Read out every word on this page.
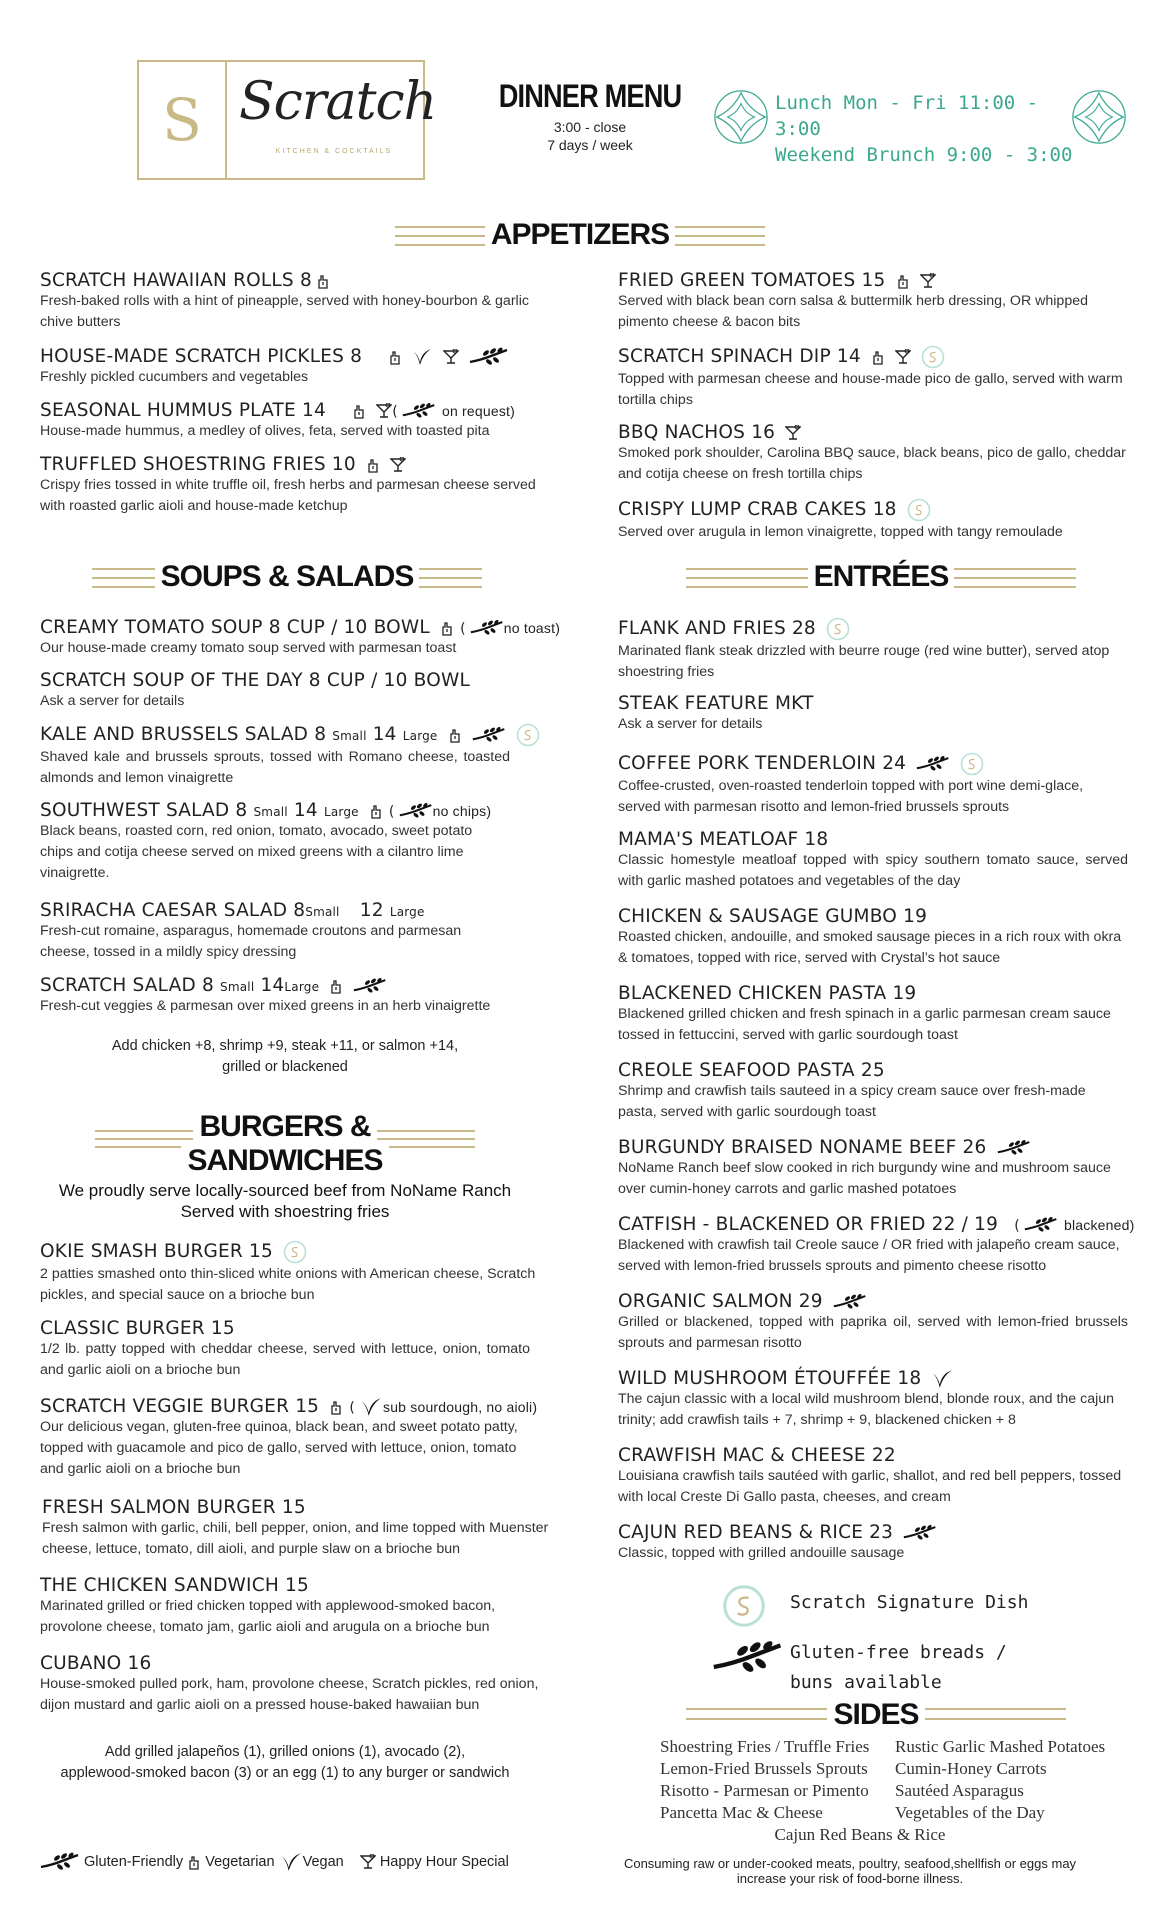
S Scratch
KITCHEN & COCKTAILS
DINNER MENU
3:00 - close
7 days / week
Lunch Mon - Fri 11:00 - 3:00
Weekend Brunch 9:00 - 3:00
APPETIZERS
SCRATCH HAWAIIAN ROLLS 8
Fresh-baked rolls with a hint of pineapple, served with honey-bourbon & garlic chive butters
HOUSE-MADE SCRATCH PICKLES 8
Freshly pickled cucumbers and vegetables
SEASONAL HUMMUS PLATE 14	(	on request)
House-made hummus, a medley of olives, feta, served with toasted pita
TRUFFLED SHOESTRING FRIES 10
Crispy fries tossed in white truffle oil, fresh herbs and parmesan cheese served with roasted garlic aioli and house-made ketchup
FRIED GREEN TOMATOES 15
Served with black bean corn salsa & buttermilk herb dressing, OR whipped pimento cheese & bacon bits
SCRATCH SPINACH DIP 14
Topped with parmesan cheese and house-made pico de gallo, served with warm tortilla chips
BBQ NACHOS 16
Smoked pork shoulder, Carolina BBQ sauce, black beans, pico de gallo, cheddar and cotija cheese on fresh tortilla chips
CRISPY LUMP CRAB CAKES 18
Served over arugula in lemon vinaigrette, topped with tangy remoulade
SOUPS & SALADS	ENTRÉES
CREAMY TOMATO SOUP 8 CUP / 10 BOWL (	no toast)
Our house-made creamy tomato soup served with parmesan toast
SCRATCH SOUP OF THE DAY 8 CUP / 10 BOWL
Ask a server for details
KALE AND BRUSSELS SALAD 8 Small 14 Large
Shaved kale and brussels sprouts, tossed with Romano cheese, toasted almonds and lemon vinaigrette
SOUTHWEST SALAD 8 Small 14 Large (	no chips)
Black beans, roasted corn, red onion, tomato, avocado, sweet potato chips and cotija cheese served on mixed greens with a cilantro lime vinaigrette.
SRIRACHA CAESAR SALAD 8Small 12 Large
Fresh-cut romaine, asparagus, homemade croutons and parmesan cheese, tossed in a mildly spicy dressing
SCRATCH SALAD 8 Small 14Large
Fresh-cut veggies & parmesan over mixed greens in an herb vinaigrette
Add chicken +8, shrimp +9, steak +11, or salmon +14,
grilled or blackened
BURGERS &
SANDWICHES
We proudly serve locally-sourced beef from NoName Ranch
Served with shoestring fries
OKIE SMASH BURGER 15
2 patties smashed onto thin-sliced white onions with American cheese, Scratch pickles, and special sauce on a brioche bun
CLASSIC BURGER 15
1/2 lb. patty topped with cheddar cheese, served with lettuce, onion, tomato and garlic aioli on a brioche bun
SCRATCH VEGGIE BURGER 15 ( sub sourdough, no aioli)
Our delicious vegan, gluten-free quinoa, black bean, and sweet potato patty, topped with guacamole and pico de gallo, served with lettuce, onion, tomato and garlic aioli on a brioche bun
FRESH SALMON BURGER 15
Fresh salmon with garlic, chili, bell pepper, onion, and lime topped with Muenster cheese, lettuce, tomato, dill aioli, and purple slaw on a brioche bun
THE CHICKEN SANDWICH 15
Marinated grilled or fried chicken topped with applewood-smoked bacon, provolone cheese, tomato jam, garlic aioli and arugula on a brioche bun
CUBANO 16
House-smoked pulled pork, ham, provolone cheese, Scratch pickles, red onion, dijon mustard and garlic aioli on a pressed house-baked hawaiian bun
Add grilled jalapeños (1), grilled onions (1), avocado (2),
applewood-smoked bacon (3) or an egg (1) to any burger or sandwich
FLANK AND FRIES 28
Marinated flank steak drizzled with beurre rouge (red wine butter), served atop shoestring fries
STEAK FEATURE MKT
Ask a server for details
COFFEE PORK TENDERLOIN 24
Coffee-crusted, oven-roasted tenderloin topped with port wine demi-glace, served with parmesan risotto and lemon-fried brussels sprouts
MAMA'S MEATLOAF 18
Classic homestyle meatloaf topped with spicy southern tomato sauce, served with garlic mashed potatoes and vegetables of the day
CHICKEN & SAUSAGE GUMBO 19
Roasted chicken, andouille, and smoked sausage pieces in a rich roux with okra & tomatoes, topped with rice, served with Crystal’s hot sauce
BLACKENED CHICKEN PASTA 19
Blackened grilled chicken and fresh spinach in a garlic parmesan cream sauce tossed in fettuccini, served with garlic sourdough toast
CREOLE SEAFOOD PASTA 25
Shrimp and crawfish tails sauteed in a spicy cream sauce over fresh-made pasta, served with garlic sourdough toast
BURGUNDY BRAISED NONAME BEEF 26
NoName Ranch beef slow cooked in rich burgundy wine and mushroom sauce over cumin-honey carrots and garlic mashed potatoes
CATFISH - BLACKENED OR FRIED 22 / 19 (	blackened)
Blackened with crawfish tail Creole sauce / OR fried with jalapeño cream sauce, served with lemon-fried brussels sprouts and pimento cheese risotto
ORGANIC SALMON 29
Grilled or blackened, topped with paprika oil, served with lemon-fried brussels sprouts and parmesan risotto
WILD MUSHROOM ÉTOUFFÉE 18
The cajun classic with a local wild mushroom blend, blonde roux, and the cajun trinity; add crawfish tails + 7, shrimp + 9, blackened chicken + 8
CRAWFISH MAC & CHEESE 22
Louisiana crawfish tails sautéed with garlic, shallot, and red bell peppers, tossed with local Creste Di Gallo pasta, cheeses, and cream
CAJUN RED BEANS & RICE 23
Classic, topped with grilled andouille sausage
Scratch Signature Dish
Gluten-free breads /
buns available
SIDES
Shoestring Fries / Truffle Fries
Lemon-Fried Brussels Sprouts
Risotto - Parmesan or Pimento
Pancetta Mac & Cheese
Rustic Garlic Mashed Potatoes
Cumin-Honey Carrots
Sautéed Asparagus
Vegetables of the Day
Cajun Red Beans & Rice
Gluten-Friendly Vegetarian Vegan Happy Hour Special	Consuming raw or under-cooked meats, poultry, seafood,shellfish or eggs may
increase your risk of food-borne illness.
